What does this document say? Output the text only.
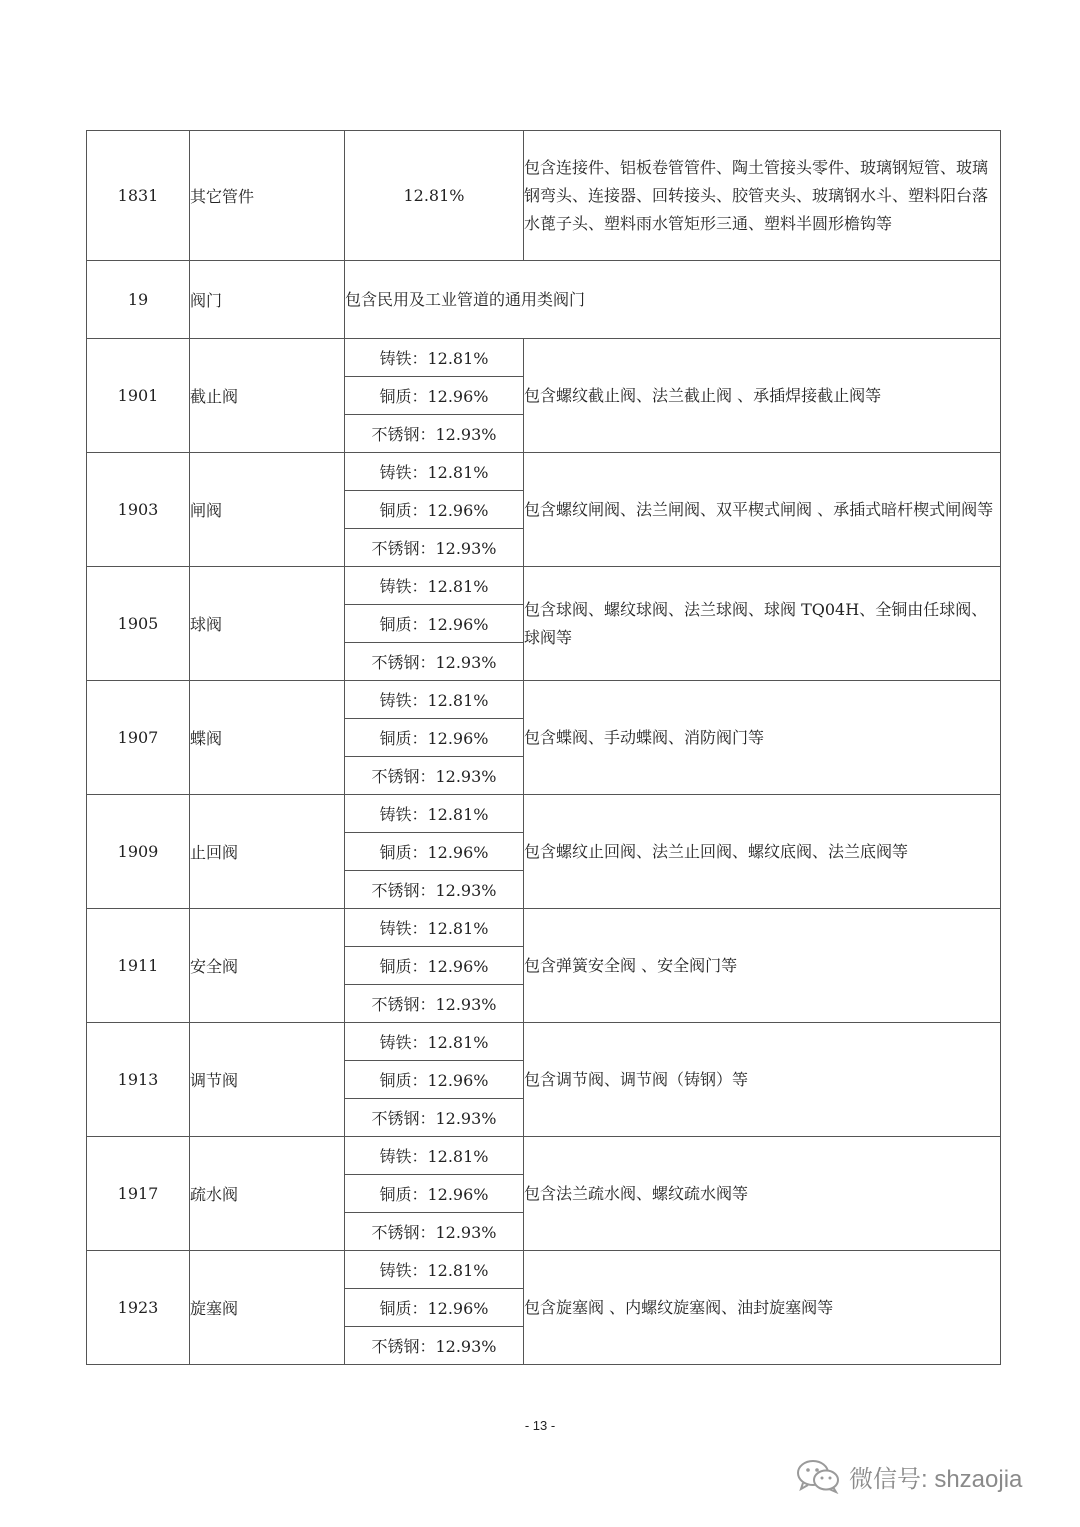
1831	其它管件	12.81%	包含连接件、铝板卷管管件、陶土管接头零件、玻璃钢短管、玻璃钢弯头、连接器、回转接头、胶管夹头、玻璃钢水斗、塑料阳台落水蓖子头、塑料雨水管矩形三通、塑料半圆形檐钩等
19	阀门	包含民用及工业管道的通用类阀门	
1901	截止阀	铸铁：12.81%	包含螺纹截止阀、法兰截止阀 、承插焊接截止阀等
		铜质：12.96%	
		不锈钢：12.93%	
1903	闸阀	铸铁：12.81%	包含螺纹闸阀、法兰闸阀、双平楔式闸阀 、承插式暗杆楔式闸阀等
		铜质：12.96%	
		不锈钢：12.93%	
1905	球阀	铸铁：12.81%	包含球阀、螺纹球阀、法兰球阀、球阀 TQ04H、全铜由任球阀、球阀等
		铜质：12.96%	
		不锈钢：12.93%	
1907	蝶阀	铸铁：12.81%	包含蝶阀、手动蝶阀、消防阀门等
		铜质：12.96%	
		不锈钢：12.93%	
1909	止回阀	铸铁：12.81%	包含螺纹止回阀、法兰止回阀、螺纹底阀、法兰底阀等
		铜质：12.96%	
		不锈钢：12.93%	
1911	安全阀	铸铁：12.81%	包含弹簧安全阀 、安全阀门等
		铜质：12.96%	
		不锈钢：12.93%	
1913	调节阀	铸铁：12.81%	包含调节阀、调节阀（铸钢）等
		铜质：12.96%	
		不锈钢：12.93%	
1917	疏水阀	铸铁：12.81%	包含法兰疏水阀、螺纹疏水阀等
		铜质：12.96%	
		不锈钢：12.93%	
1923	旋塞阀	铸铁：12.81%	包含旋塞阀 、内螺纹旋塞阀、油封旋塞阀等
		铜质：12.96%	
		不锈钢：12.93%	
- 13 -
微信号: shzaojia
